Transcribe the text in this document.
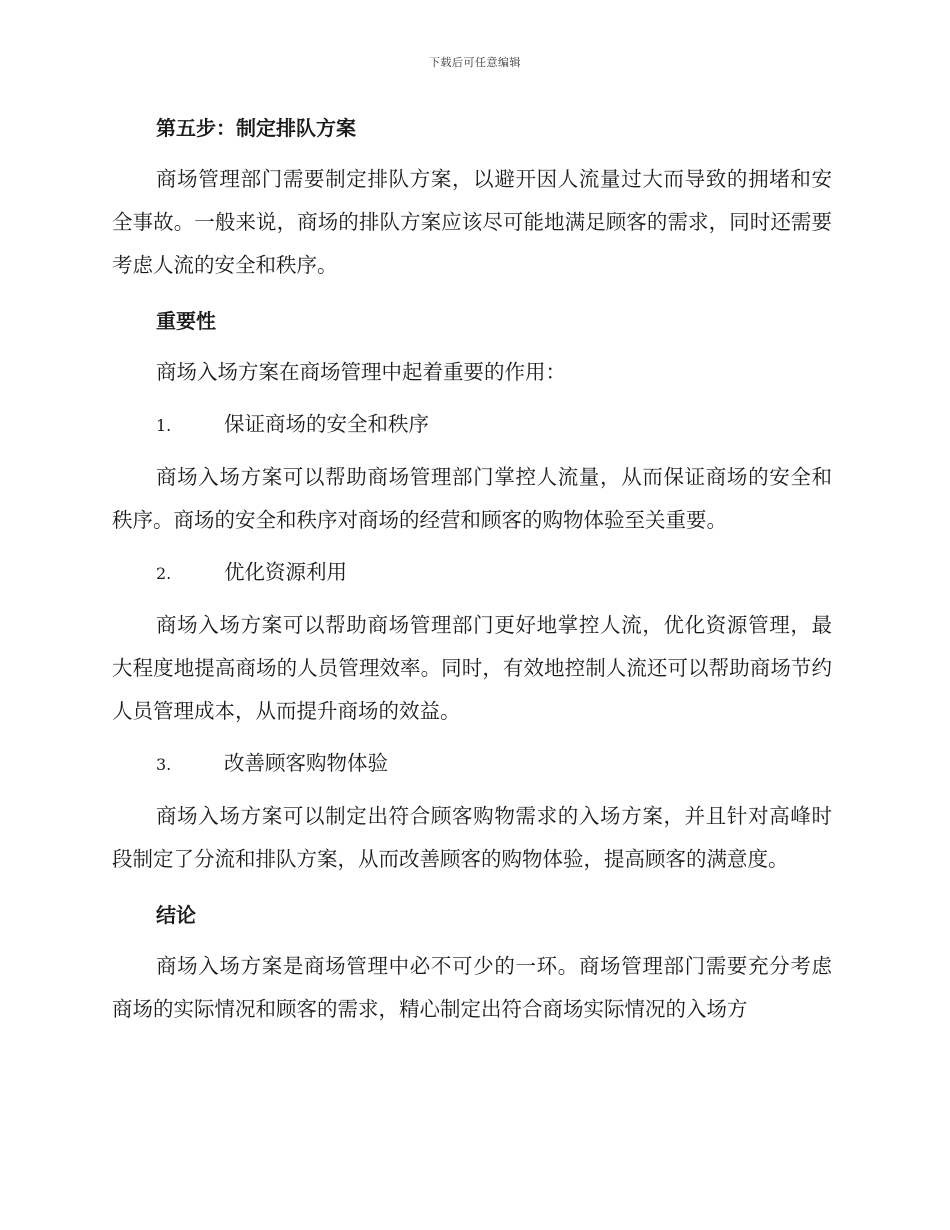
下载后可任意编辑
第五步：制定排队方案

商场管理部门需要制定排队方案，以避开因人流量过大而导致的拥堵和安全事故。一般来说，商场的排队方案应该尽可能地满足顾客的需求，同时还需要考虑人流的安全和秩序。

重要性

商场入场方案在商场管理中起着重要的作用：

1.	保证商场的安全和秩序

商场入场方案可以帮助商场管理部门掌控人流量，从而保证商场的安全和秩序。商场的安全和秩序对商场的经营和顾客的购物体验至关重要。

2.	优化资源利用

商场入场方案可以帮助商场管理部门更好地掌控人流，优化资源管理，最大程度地提高商场的人员管理效率。同时，有效地控制人流还可以帮助商场节约人员管理成本，从而提升商场的效益。

3.	改善顾客购物体验

商场入场方案可以制定出符合顾客购物需求的入场方案，并且针对高峰时段制定了分流和排队方案，从而改善顾客的购物体验，提高顾客的满意度。

结论

商场入场方案是商场管理中必不可少的一环。商场管理部门需要充分考虑商场的实际情况和顾客的需求，精心制定出符合商场实际情况的入场方
